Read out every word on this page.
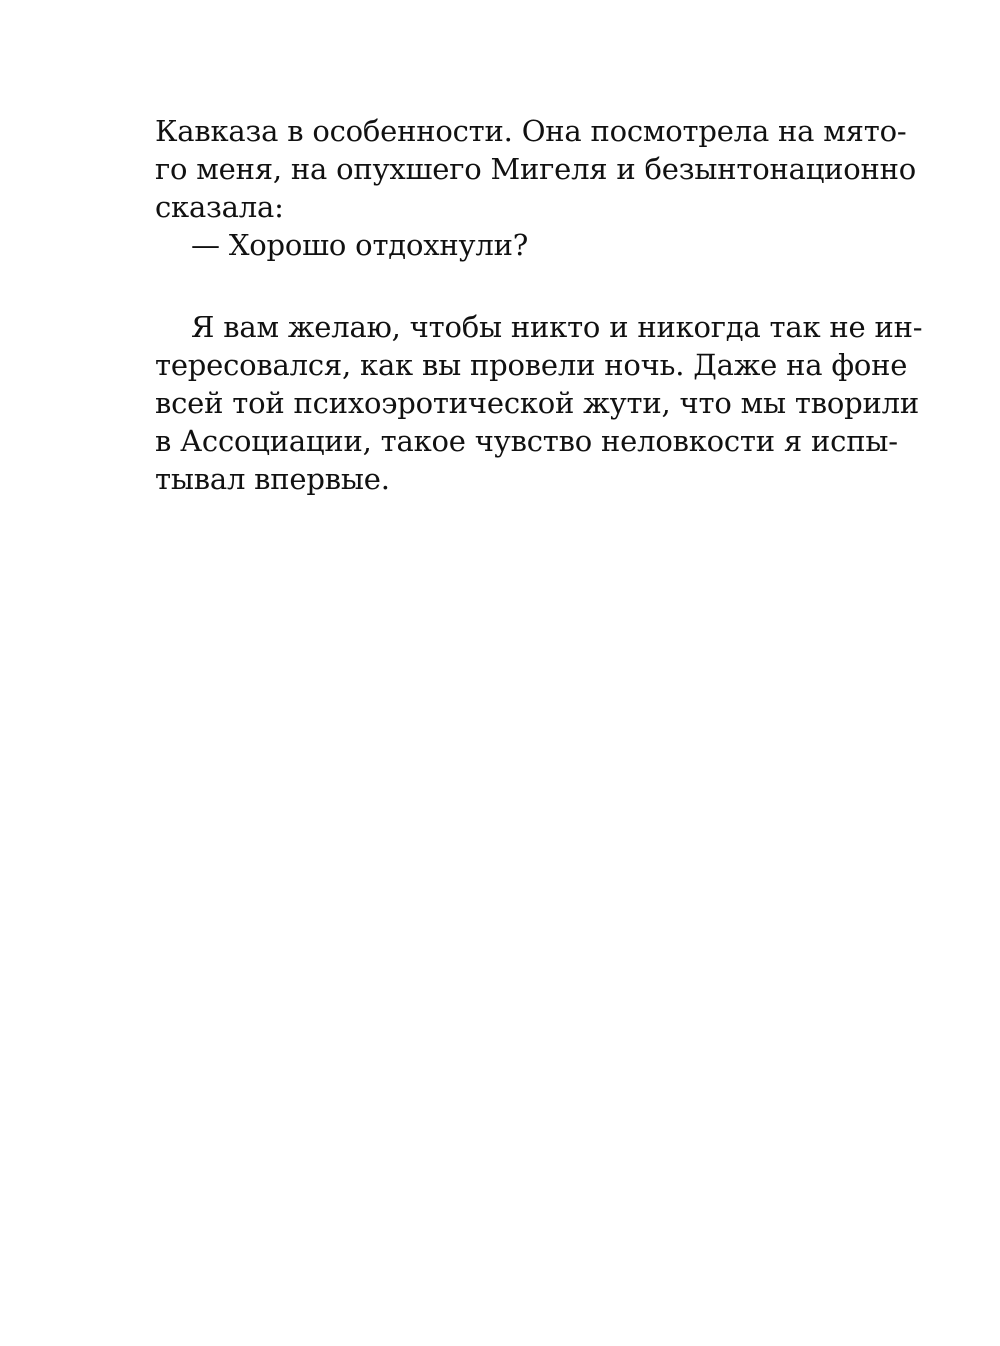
Кавказа в особенности. Она посмотрела на мято-
го меня, на опухшего Мигеля и безынтонационно
сказала:
— Хорошо отдохнули?
Я вам желаю, чтобы никто и никогда так не ин-
тересовался, как вы провели ночь. Даже на фоне
всей той психоэротической жути, что мы творили
в Ассоциации, такое чувство неловкости я испы-
тывал впервые.
